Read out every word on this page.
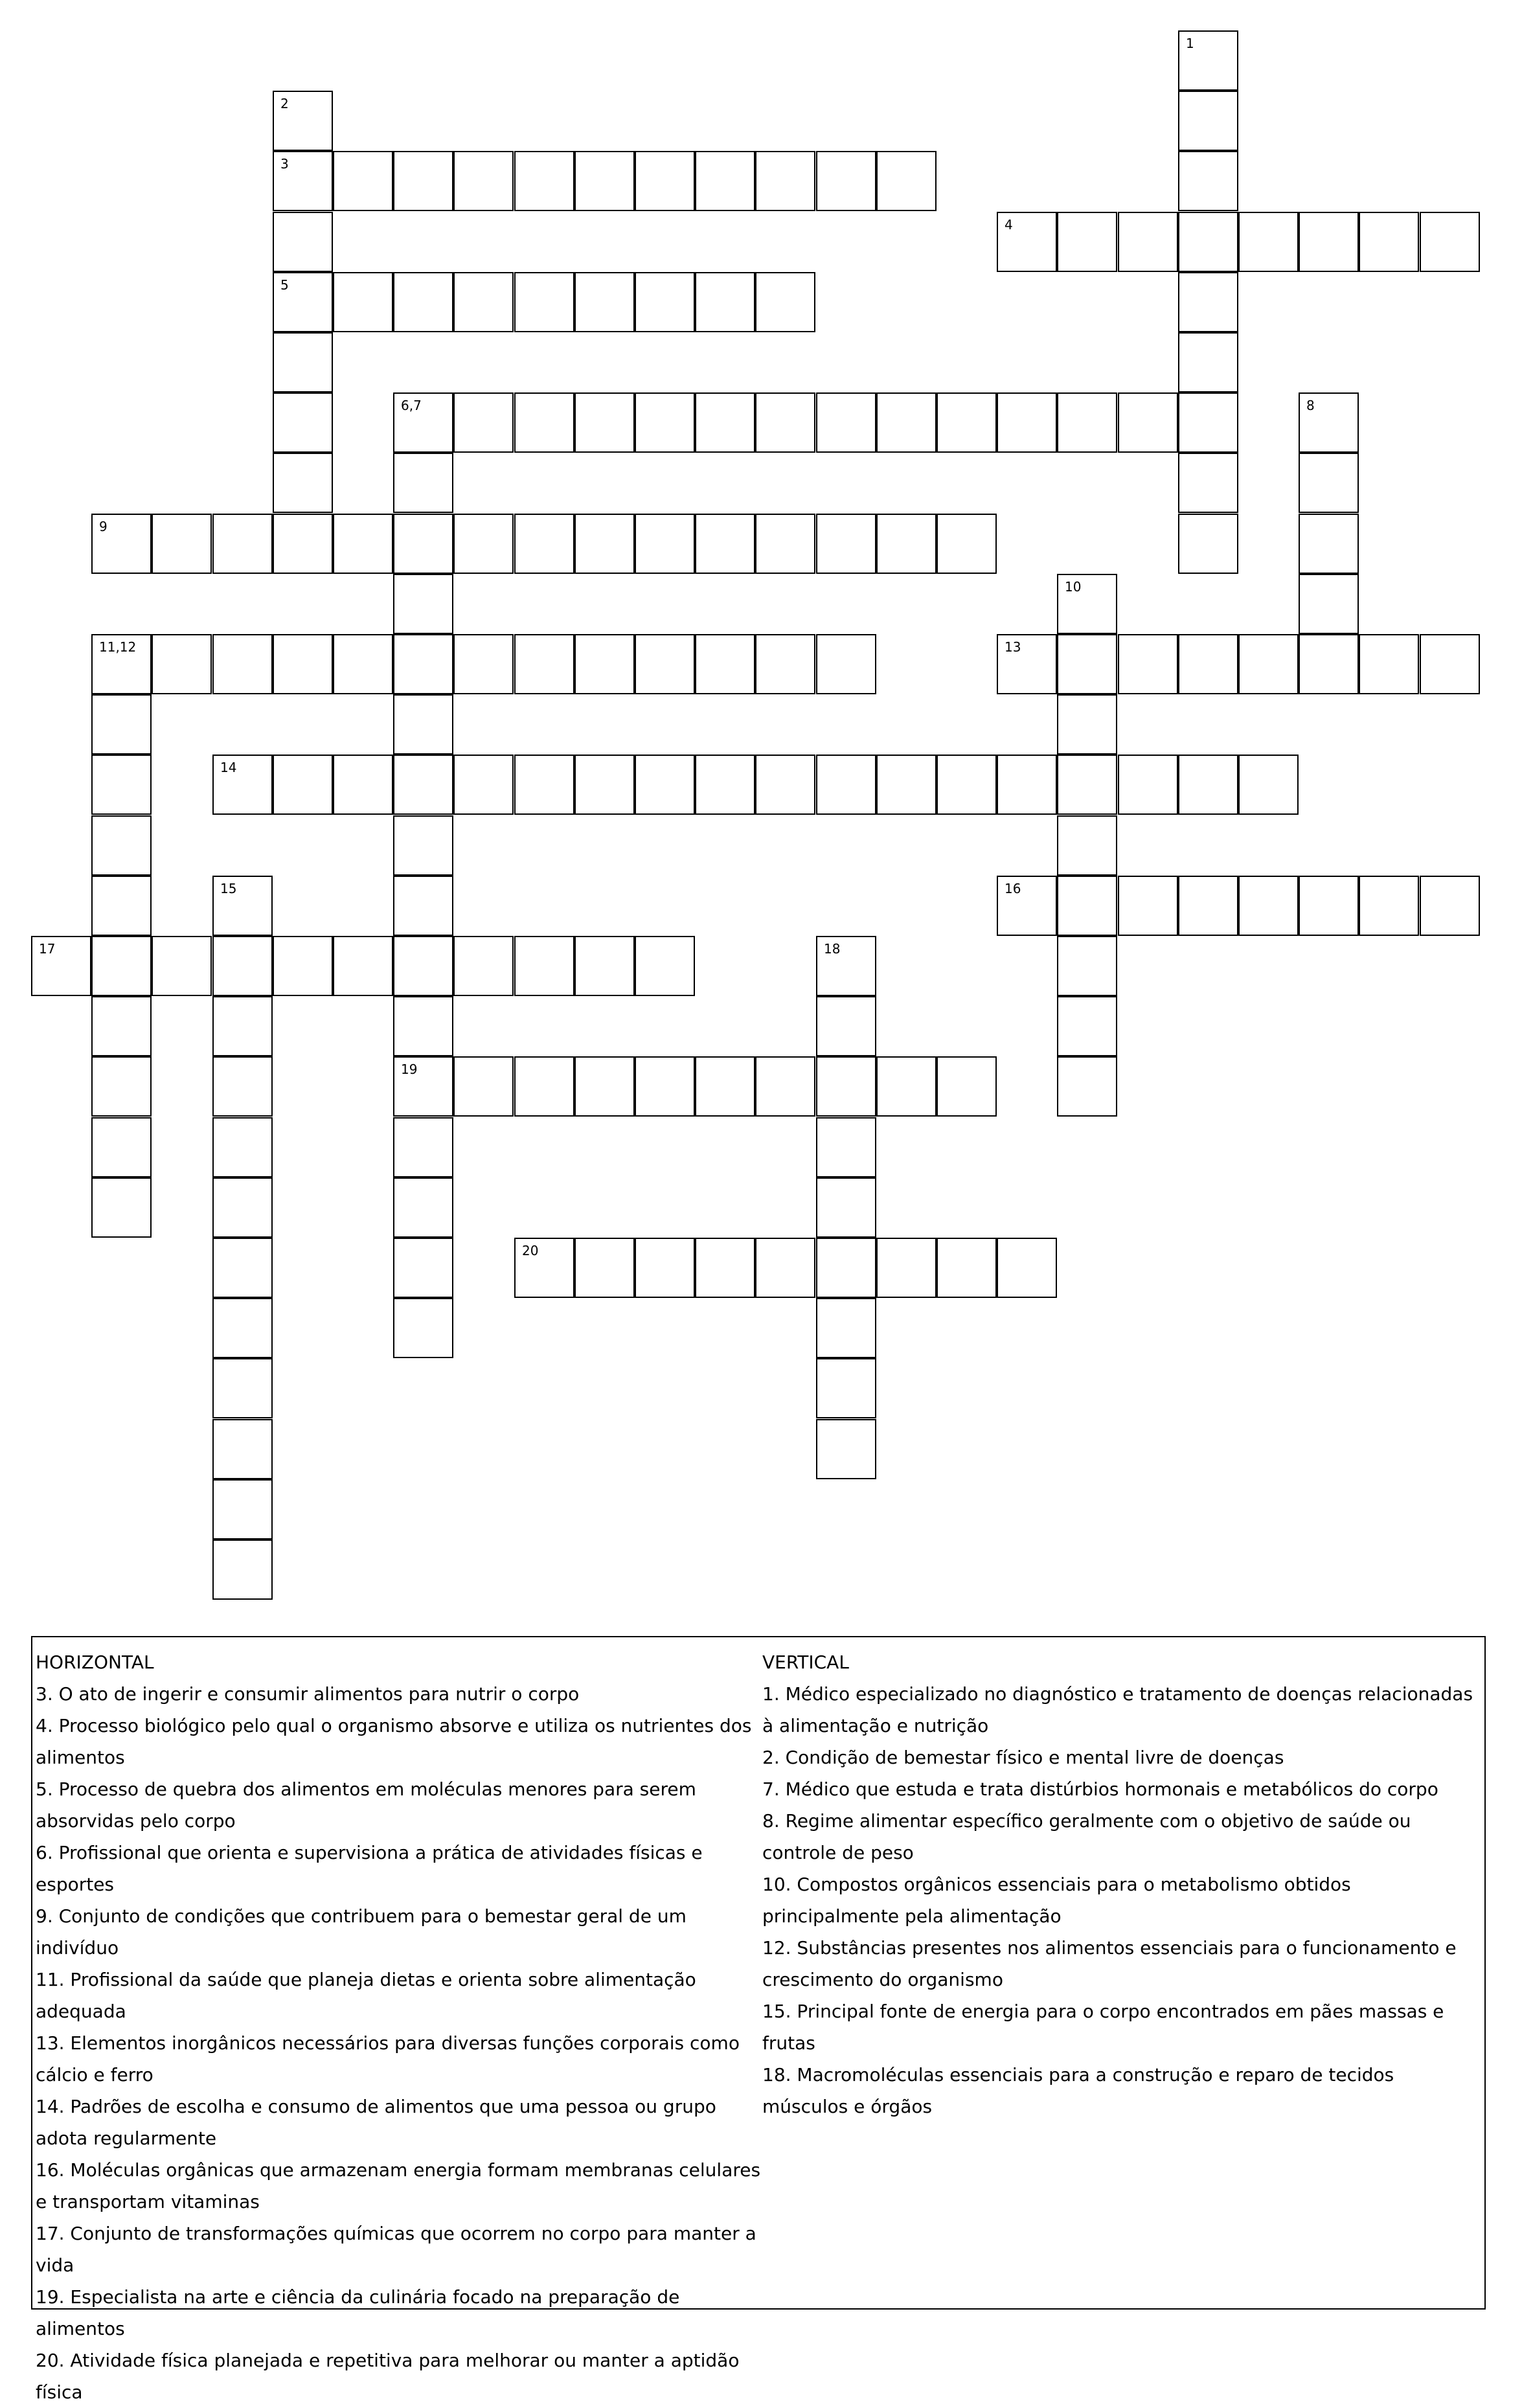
1
2
3
4
5
6,7	8
9
10
11,12	13
14
15	16
17	18
19
20

HORIZONTAL

3. O ato de ingerir e consumir alimentos para nutrir o corpo

4. Processo biológico pelo qual o organismo absorve e utiliza os nutrientes dos alimentos

5. Processo de quebra dos alimentos em moléculas menores para serem absorvidas pelo corpo

6. Profissional que orienta e supervisiona a prática de atividades físicas e esportes

9. Conjunto de condições que contribuem para o bemestar geral de um indivíduo

11. Profissional da saúde que planeja dietas e orienta sobre alimentação adequada

13. Elementos inorgânicos necessários para diversas funções corporais como cálcio e ferro

14. Padrões de escolha e consumo de alimentos que uma pessoa ou grupo adota regularmente

16. Moléculas orgânicas que armazenam energia formam membranas celulares e transportam vitaminas

17. Conjunto de transformações químicas que ocorrem no corpo para manter a vida

19. Especialista na arte e ciência da culinária focado na preparação de alimentos

20. Atividade física planejada e repetitiva para melhorar ou manter a aptidão física

VERTICAL

1. Médico especializado no diagnóstico e tratamento de doenças relacionadas à alimentação e nutrição

2. Condição de bemestar físico e mental livre de doenças

7. Médico que estuda e trata distúrbios hormonais e metabólicos do corpo

8. Regime alimentar específico geralmente com o objetivo de saúde ou controle de peso

10. Compostos orgânicos essenciais para o metabolismo obtidos principalmente pela alimentação

12. Substâncias presentes nos alimentos essenciais para o funcionamento e crescimento do organismo

15. Principal fonte de energia para o corpo encontrados em pães massas e frutas

18. Macromoléculas essenciais para a construção e reparo de tecidos músculos e órgãos
